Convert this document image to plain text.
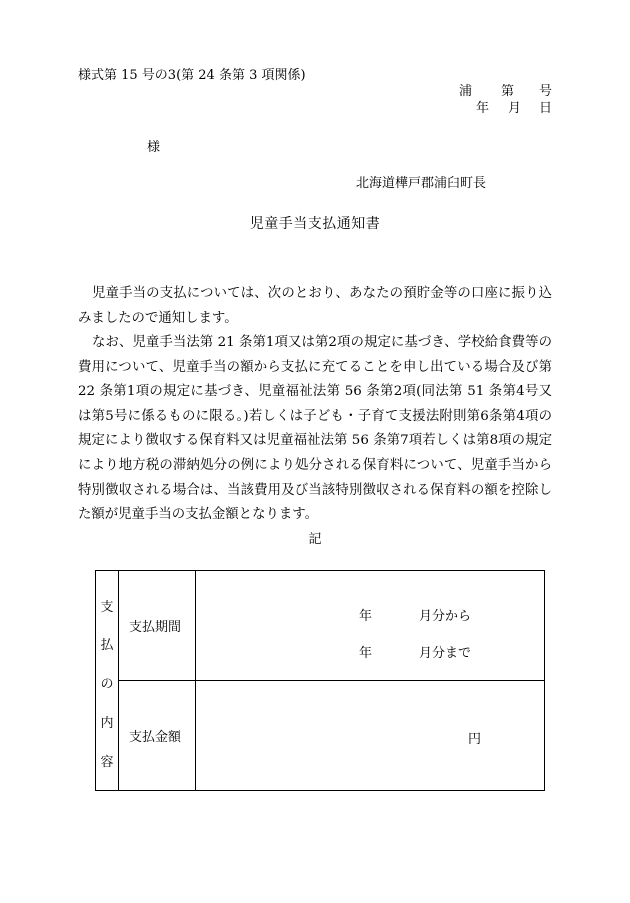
様式第 15 号の3(第 24 条第 3 項関係)
浦 第 号
年 月 日
様
北海道樺戸郡浦臼町長
児童手当支払通知書

児童手当の支払については、次のとおり、あなたの預貯金等の口座に振り込みましたので通知します。

なお、児童手当法第 21 条第1項又は第2項の規定に基づき、学校給食費等の費用について、児童手当の額から支払に充てることを申し出ている場合及び第22 条第1項の規定に基づき、児童福祉法第 56 条第2項(同法第 51 条第4号又は第5号に係るものに限る。)若しくは子ども・子育て支援法附則第6条第4項の規定により徴収する保育料又は児童福祉法第 56 条第7項若しくは第8項の規定により地方税の滞納処分の例により処分される保育料について、児童手当から特別徴収される場合は、当該費用及び当該特別徴収される保育料の額を控除した額が児童手当の支払金額となります。

記
支
払
の
内
容	支払期間	年 月分から
年 月分まで

	支払金額	円
